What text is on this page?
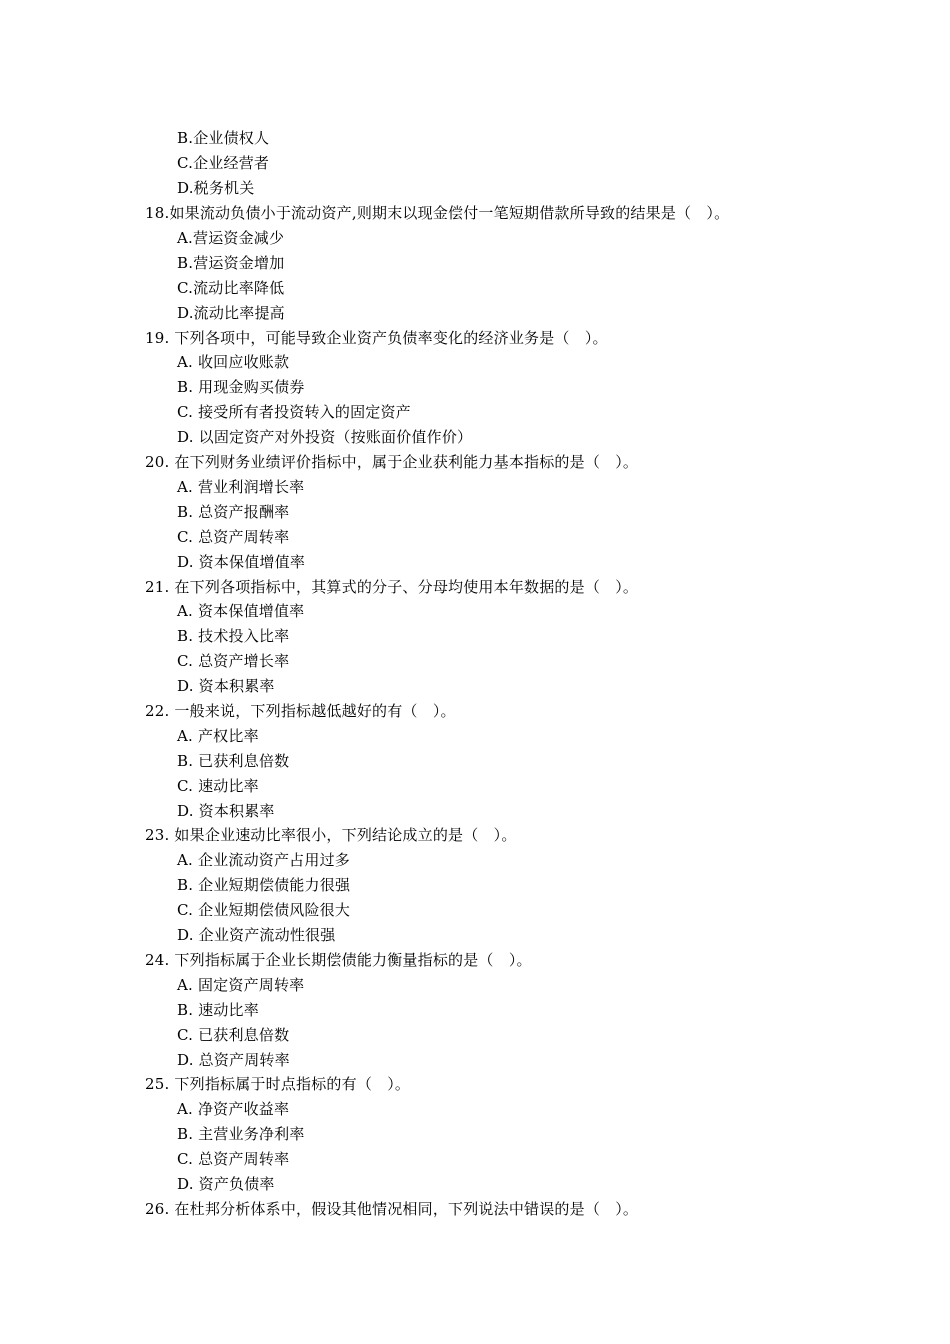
B.企业债权人
C.企业经营者
D.税务机关
18.如果流动负债小于流动资产,则期末以现金偿付一笔短期借款所导致的结果是（　）。
A.营运资金减少
B.营运资金增加
C.流动比率降低
D.流动比率提高
19. 下列各项中，可能导致企业资产负债率变化的经济业务是（　）。
A. 收回应收账款
B. 用现金购买债券
C. 接受所有者投资转入的固定资产
D. 以固定资产对外投资（按账面价值作价）
20. 在下列财务业绩评价指标中，属于企业获利能力基本指标的是（　）。
A. 营业利润增长率
B. 总资产报酬率
C. 总资产周转率
D. 资本保值增值率
21. 在下列各项指标中，其算式的分子、分母均使用本年数据的是（　）。
A. 资本保值增值率
B. 技术投入比率
C. 总资产增长率
D. 资本积累率
22. 一般来说，下列指标越低越好的有（　）。
A. 产权比率
B. 已获利息倍数
C. 速动比率
D. 资本积累率
23. 如果企业速动比率很小，下列结论成立的是（　）。
A. 企业流动资产占用过多
B. 企业短期偿债能力很强
C. 企业短期偿债风险很大
D. 企业资产流动性很强
24. 下列指标属于企业长期偿债能力衡量指标的是（　）。
A. 固定资产周转率
B. 速动比率
C. 已获利息倍数
D. 总资产周转率
25. 下列指标属于时点指标的有（　）。
A. 净资产收益率
B. 主营业务净利率
C. 总资产周转率
D. 资产负债率
26. 在杜邦分析体系中，假设其他情况相同，下列说法中错误的是（　）。
